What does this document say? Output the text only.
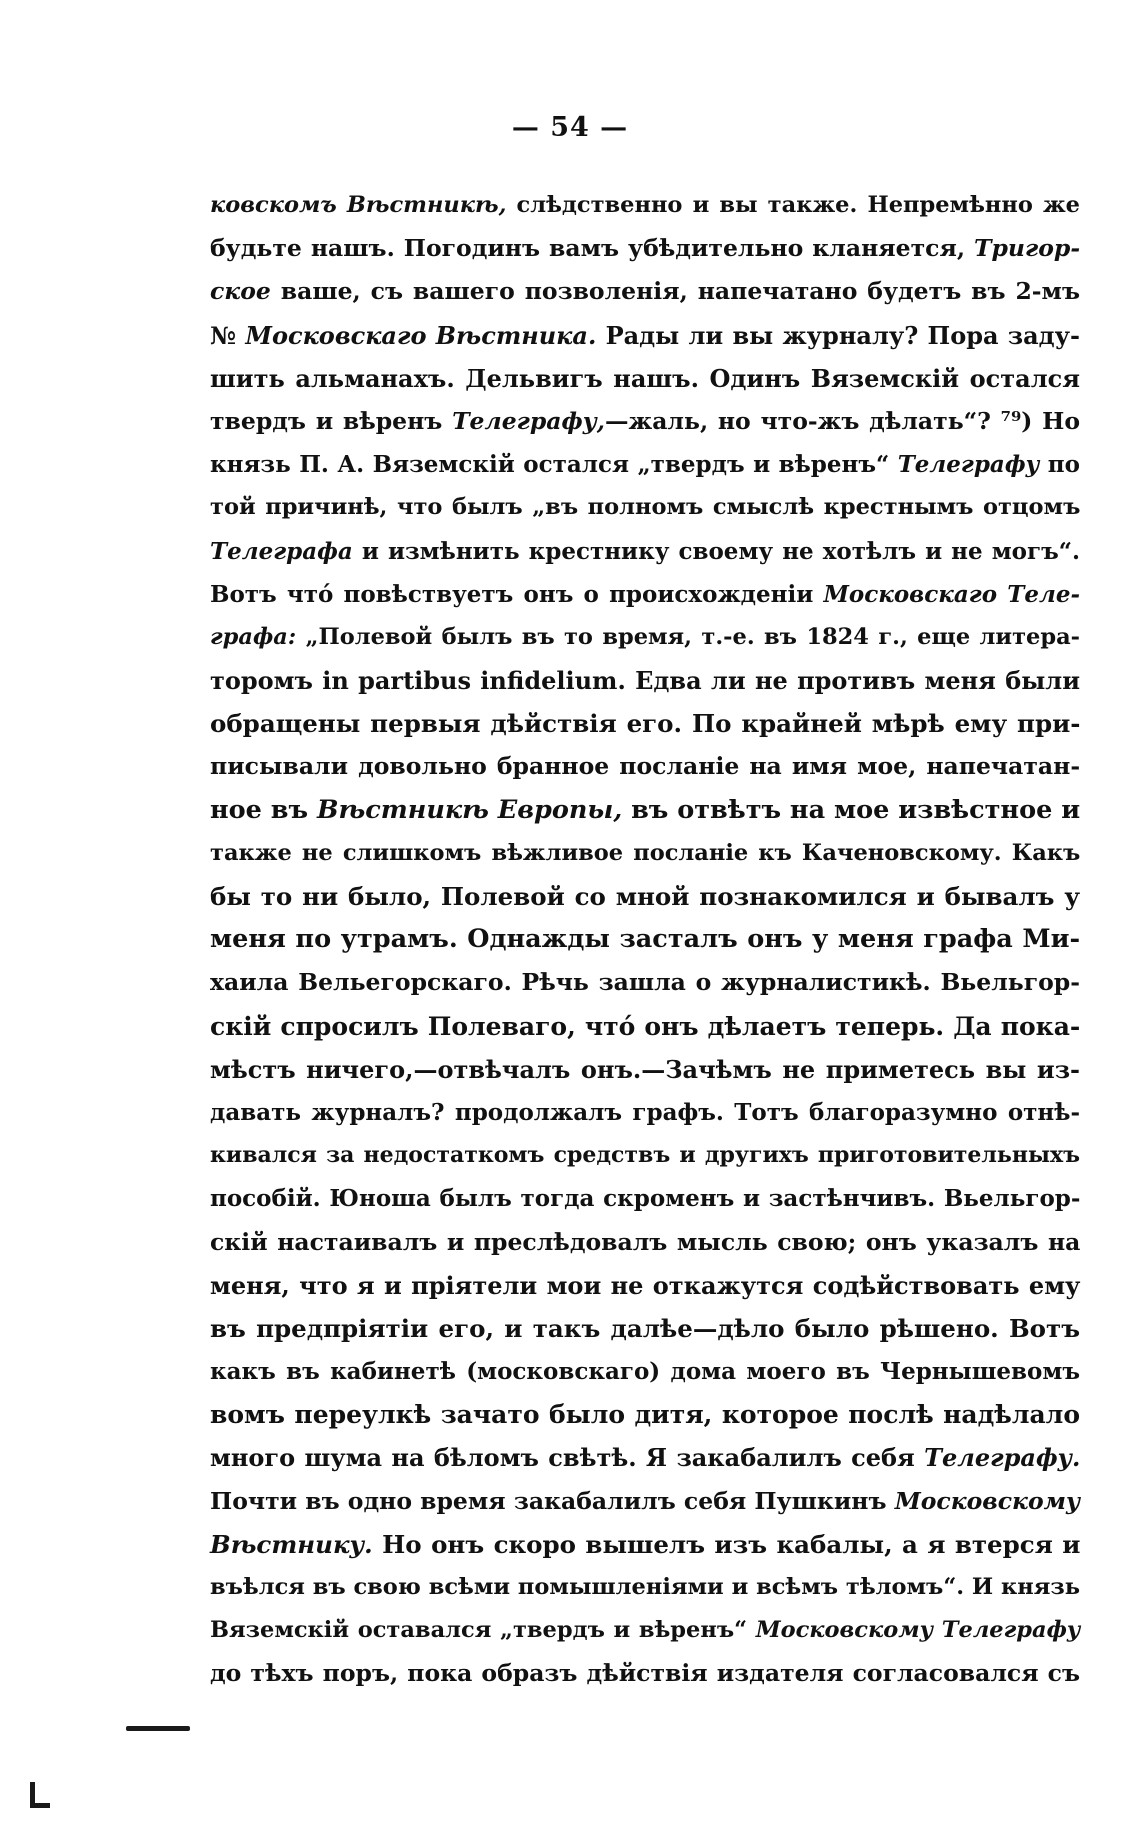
— 54 —
ковскомъ Вѣстникѣ, слѣдственно и вы также. Непремѣнно же
будьте нашъ. Погодинъ вамъ убѣдительно кланяется, Тригор-
ское ваше, съ вашего позволенія, напечатано будетъ въ 2-мъ
№ Московскаго Вѣстника. Рады ли вы журналу? Пора заду-
шить альманахъ. Дельвигъ нашъ. Одинъ Вяземскій остался
твердъ и вѣренъ Телеграфу,—жаль, но что-жъ дѣлать“? ⁷⁹) Но
князь П. А. Вяземскій остался „твердъ и вѣренъ“ Телеграфу по
той причинѣ, что былъ „въ полномъ смыслѣ крестнымъ отцомъ
Телеграфа и измѣнить крестнику своему не хотѣлъ и не могъ“.
Вотъ что́ повѣствуетъ онъ о происхожденіи Московскаго Теле-
графа: „Полевой былъ въ то время, т.-е. въ 1824 г., еще литера-
торомъ in partibus infidelium. Едва ли не противъ меня были
обращены первыя дѣйствія его. По крайней мѣрѣ ему при-
писывали довольно бранное посланіе на имя мое, напечатан-
ное въ Вѣстникѣ Европы, въ отвѣтъ на мое извѣстное и
также не слишкомъ вѣжливое посланіе къ Каченовскому. Какъ
бы то ни было, Полевой со мной познакомился и бывалъ у
меня по утрамъ. Однажды засталъ онъ у меня графа Ми-
хаила Вельегорскаго. Рѣчь зашла о журналистикѣ. Вьельгор-
скій спросилъ Полеваго, что́ онъ дѣлаетъ теперь. Да пока-
мѣстъ ничего,—отвѣчалъ онъ.—Зачѣмъ не приметесь вы из-
давать журналъ? продолжалъ графъ. Тотъ благоразумно отнѣ-
кивался за недостаткомъ средствъ и другихъ приготовительныхъ
пособій. Юноша былъ тогда скроменъ и застѣнчивъ. Вьельгор-
скій настаивалъ и преслѣдовалъ мысль свою; онъ указалъ на
меня, что я и пріятели мои не откажутся содѣйствовать ему
въ предпріятіи его, и такъ далѣе—дѣло было рѣшено. Вотъ
какъ въ кабинетѣ (московскаго) дома моего въ Чернышевомъ
вомъ переулкѣ зачато было дитя, которое послѣ надѣлало
много шума на бѣломъ свѣтѣ. Я закабалилъ себя Телеграфу.
Почти въ одно время закабалилъ себя Пушкинъ Московскому
Вѣстнику. Но онъ скоро вышелъ изъ кабалы, а я втерся и
въѣлся въ свою всѣми помышленіями и всѣмъ тѣломъ“. И князь
Вяземскій оставался „твердъ и вѣренъ“ Московскому Телеграфу
до тѣхъ поръ, пока образъ дѣйствія издателя согласовался съ
